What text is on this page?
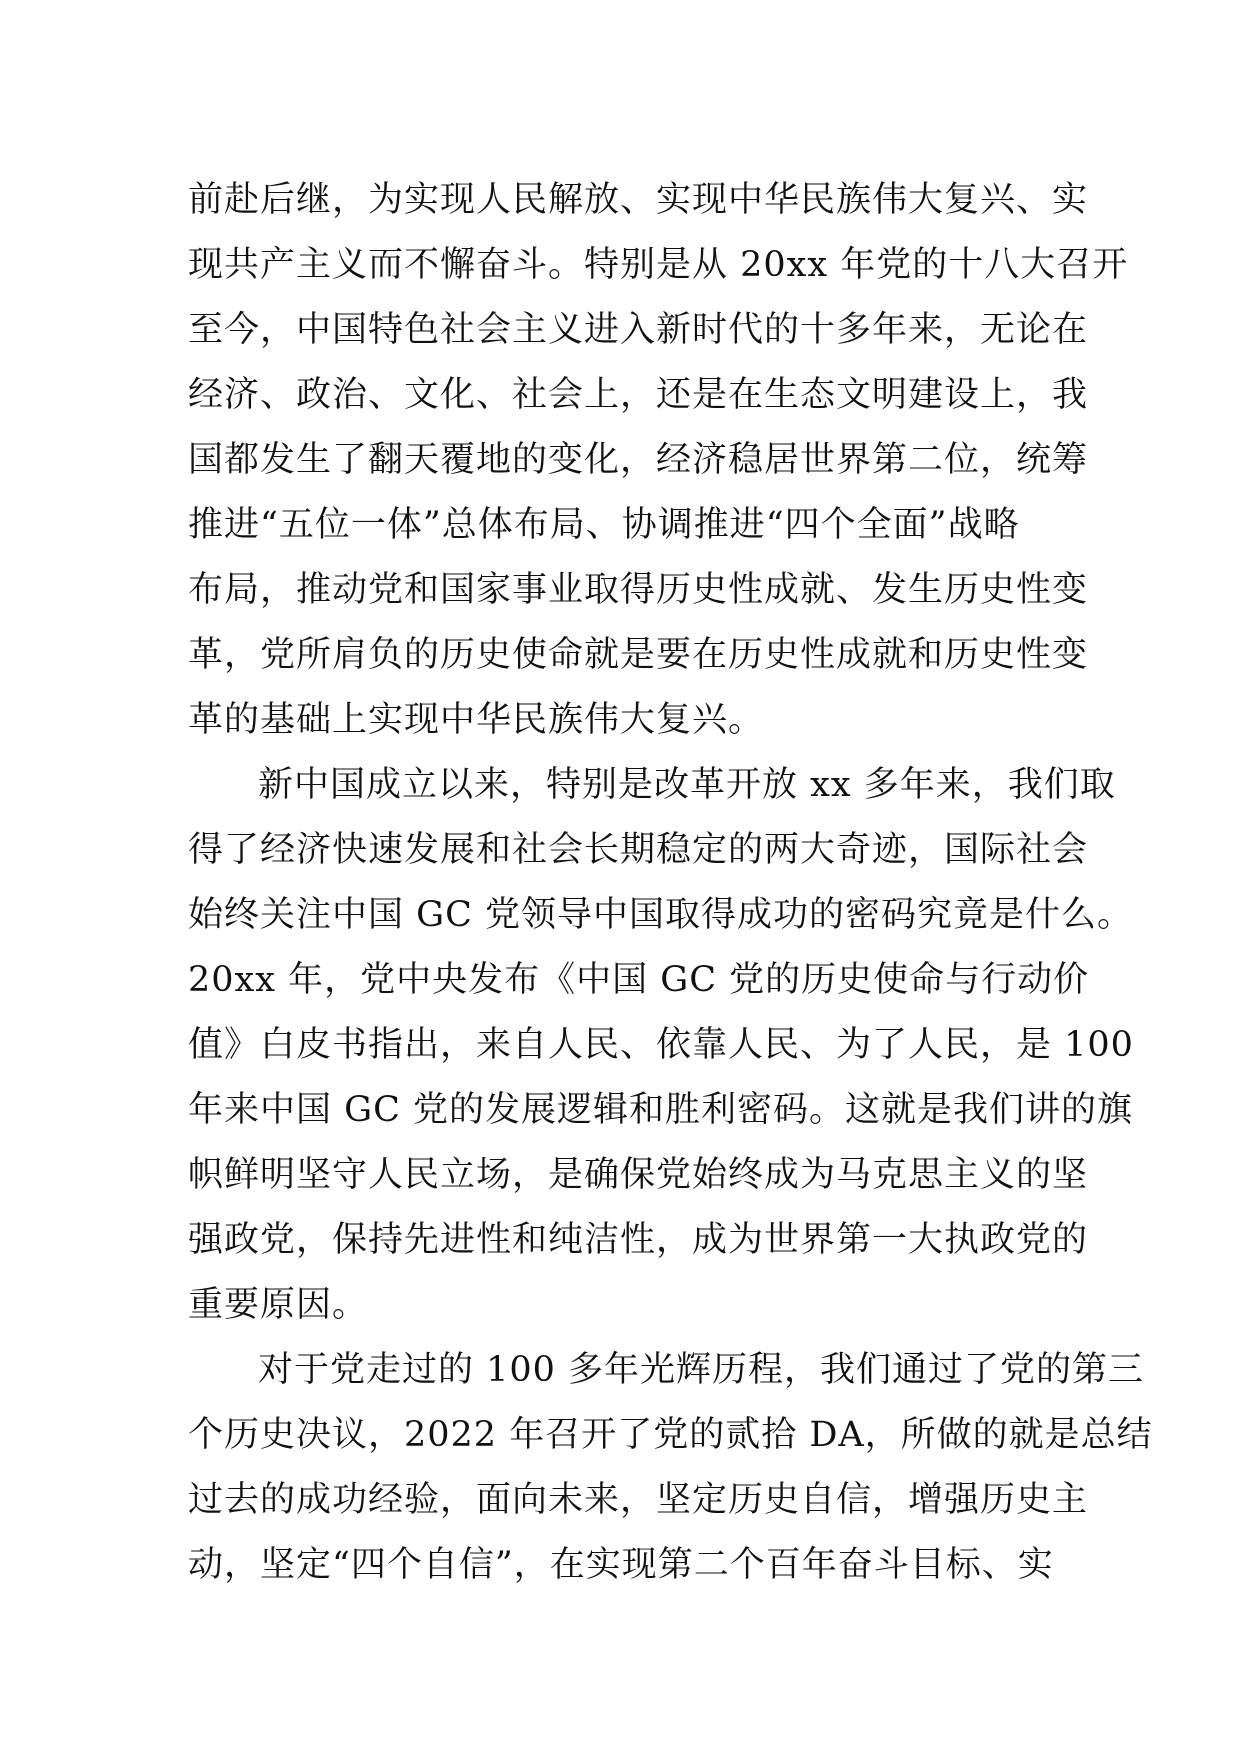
前赴后继，为实现人民解放、实现中华民族伟大复兴、实
现共产主义而不懈奋斗。特别是从 20xx 年党的十八大召开
至今，中国特色社会主义进入新时代的十多年来，无论在
经济、政治、文化、社会上，还是在生态文明建设上，我
国都发生了翻天覆地的变化，经济稳居世界第二位，统筹
推进“五位一体”总体布局、协调推进“四个全面”战略
布局，推动党和国家事业取得历史性成就、发生历史性变
革，党所肩负的历史使命就是要在历史性成就和历史性变
革的基础上实现中华民族伟大复兴。
新中国成立以来，特别是改革开放 xx 多年来，我们取
得了经济快速发展和社会长期稳定的两大奇迹，国际社会
始终关注中国 GC 党领导中国取得成功的密码究竟是什么。
20xx 年，党中央发布《中国 GC 党的历史使命与行动价
值》白皮书指出，来自人民、依靠人民、为了人民，是 100
年来中国 GC 党的发展逻辑和胜利密码。这就是我们讲的旗
帜鲜明坚守人民立场，是确保党始终成为马克思主义的坚
强政党，保持先进性和纯洁性，成为世界第一大执政党的
重要原因。
对于党走过的 100 多年光辉历程，我们通过了党的第三
个历史决议，2022 年召开了党的贰拾 DA，所做的就是总结
过去的成功经验，面向未来，坚定历史自信，增强历史主
动，坚定“四个自信”，在实现第二个百年奋斗目标、实
